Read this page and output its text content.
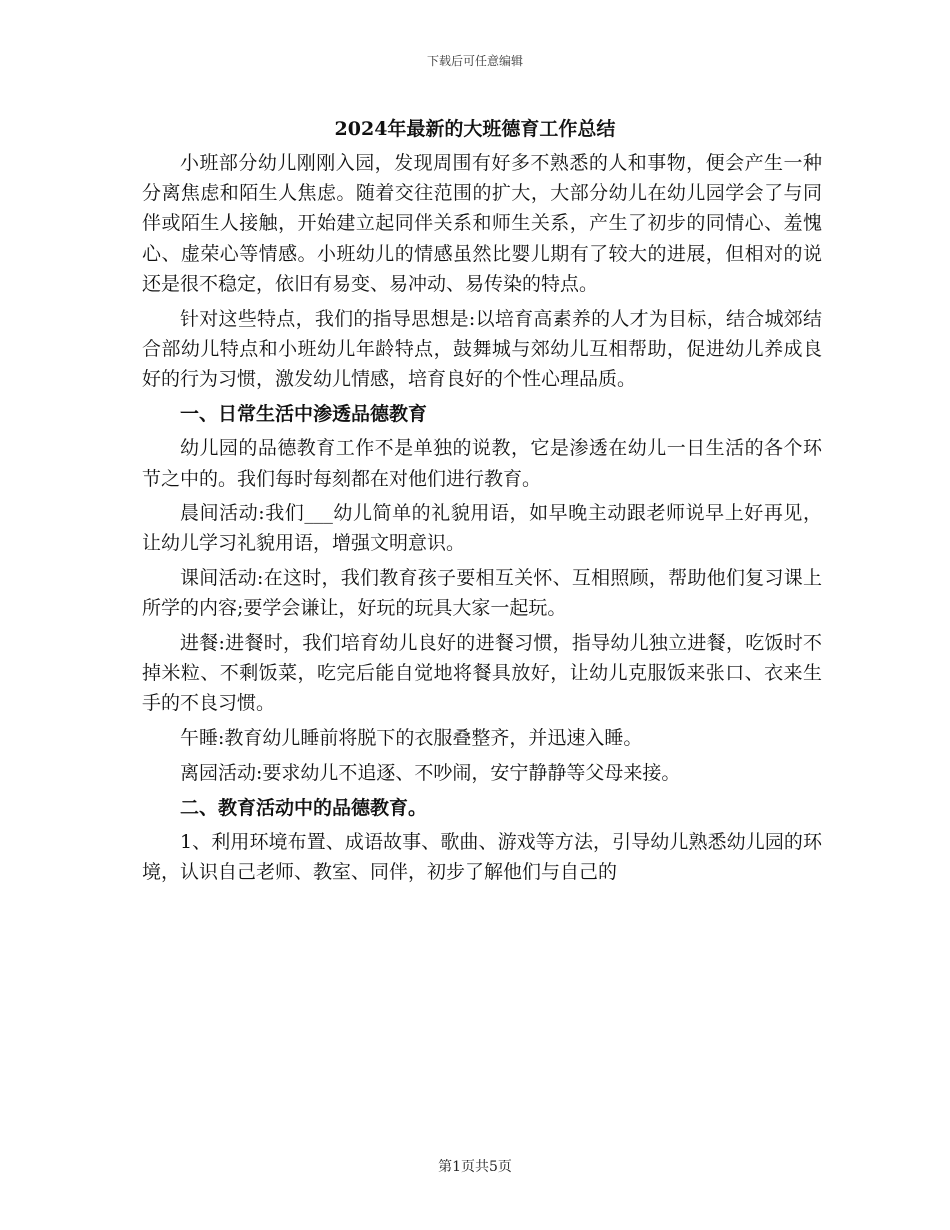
下载后可任意编辑
2024年最新的大班德育工作总结

小班部分幼儿刚刚入园，发现周围有好多不熟悉的人和事物，便会产生一种分离焦虑和陌生人焦虑。随着交往范围的扩大，大部分幼儿在幼儿园学会了与同伴或陌生人接触，开始建立起同伴关系和师生关系，产生了初步的同情心、羞愧心、虚荣心等情感。小班幼儿的情感虽然比婴儿期有了较大的进展，但相对的说还是很不稳定，依旧有易变、易冲动、易传染的特点。

针对这些特点，我们的指导思想是:以培育高素养的人才为目标，结合城郊结合部幼儿特点和小班幼儿年龄特点，鼓舞城与郊幼儿互相帮助，促进幼儿养成良好的行为习惯，激发幼儿情感，培育良好的个性心理品质。

一、日常生活中渗透品德教育

幼儿园的品德教育工作不是单独的说教，它是渗透在幼儿一日生活的各个环节之中的。我们每时每刻都在对他们进行教育。

晨间活动:我们___幼儿简单的礼貌用语，如早晚主动跟老师说早上好再见，让幼儿学习礼貌用语，增强文明意识。

课间活动:在这时，我们教育孩子要相互关怀、互相照顾，帮助他们复习课上所学的内容;要学会谦让，好玩的玩具大家一起玩。

进餐:进餐时，我们培育幼儿良好的进餐习惯，指导幼儿独立进餐，吃饭时不掉米粒、不剩饭菜，吃完后能自觉地将餐具放好，让幼儿克服饭来张口、衣来生手的不良习惯。

午睡:教育幼儿睡前将脱下的衣服叠整齐，并迅速入睡。

离园活动:要求幼儿不追逐、不吵闹，安宁静静等父母来接。

二、教育活动中的品德教育。

1、利用环境布置、成语故事、歌曲、游戏等方法，引导幼儿熟悉幼儿园的环境，认识自己老师、教室、同伴，初步了解他们与自己的

第1页共5页
